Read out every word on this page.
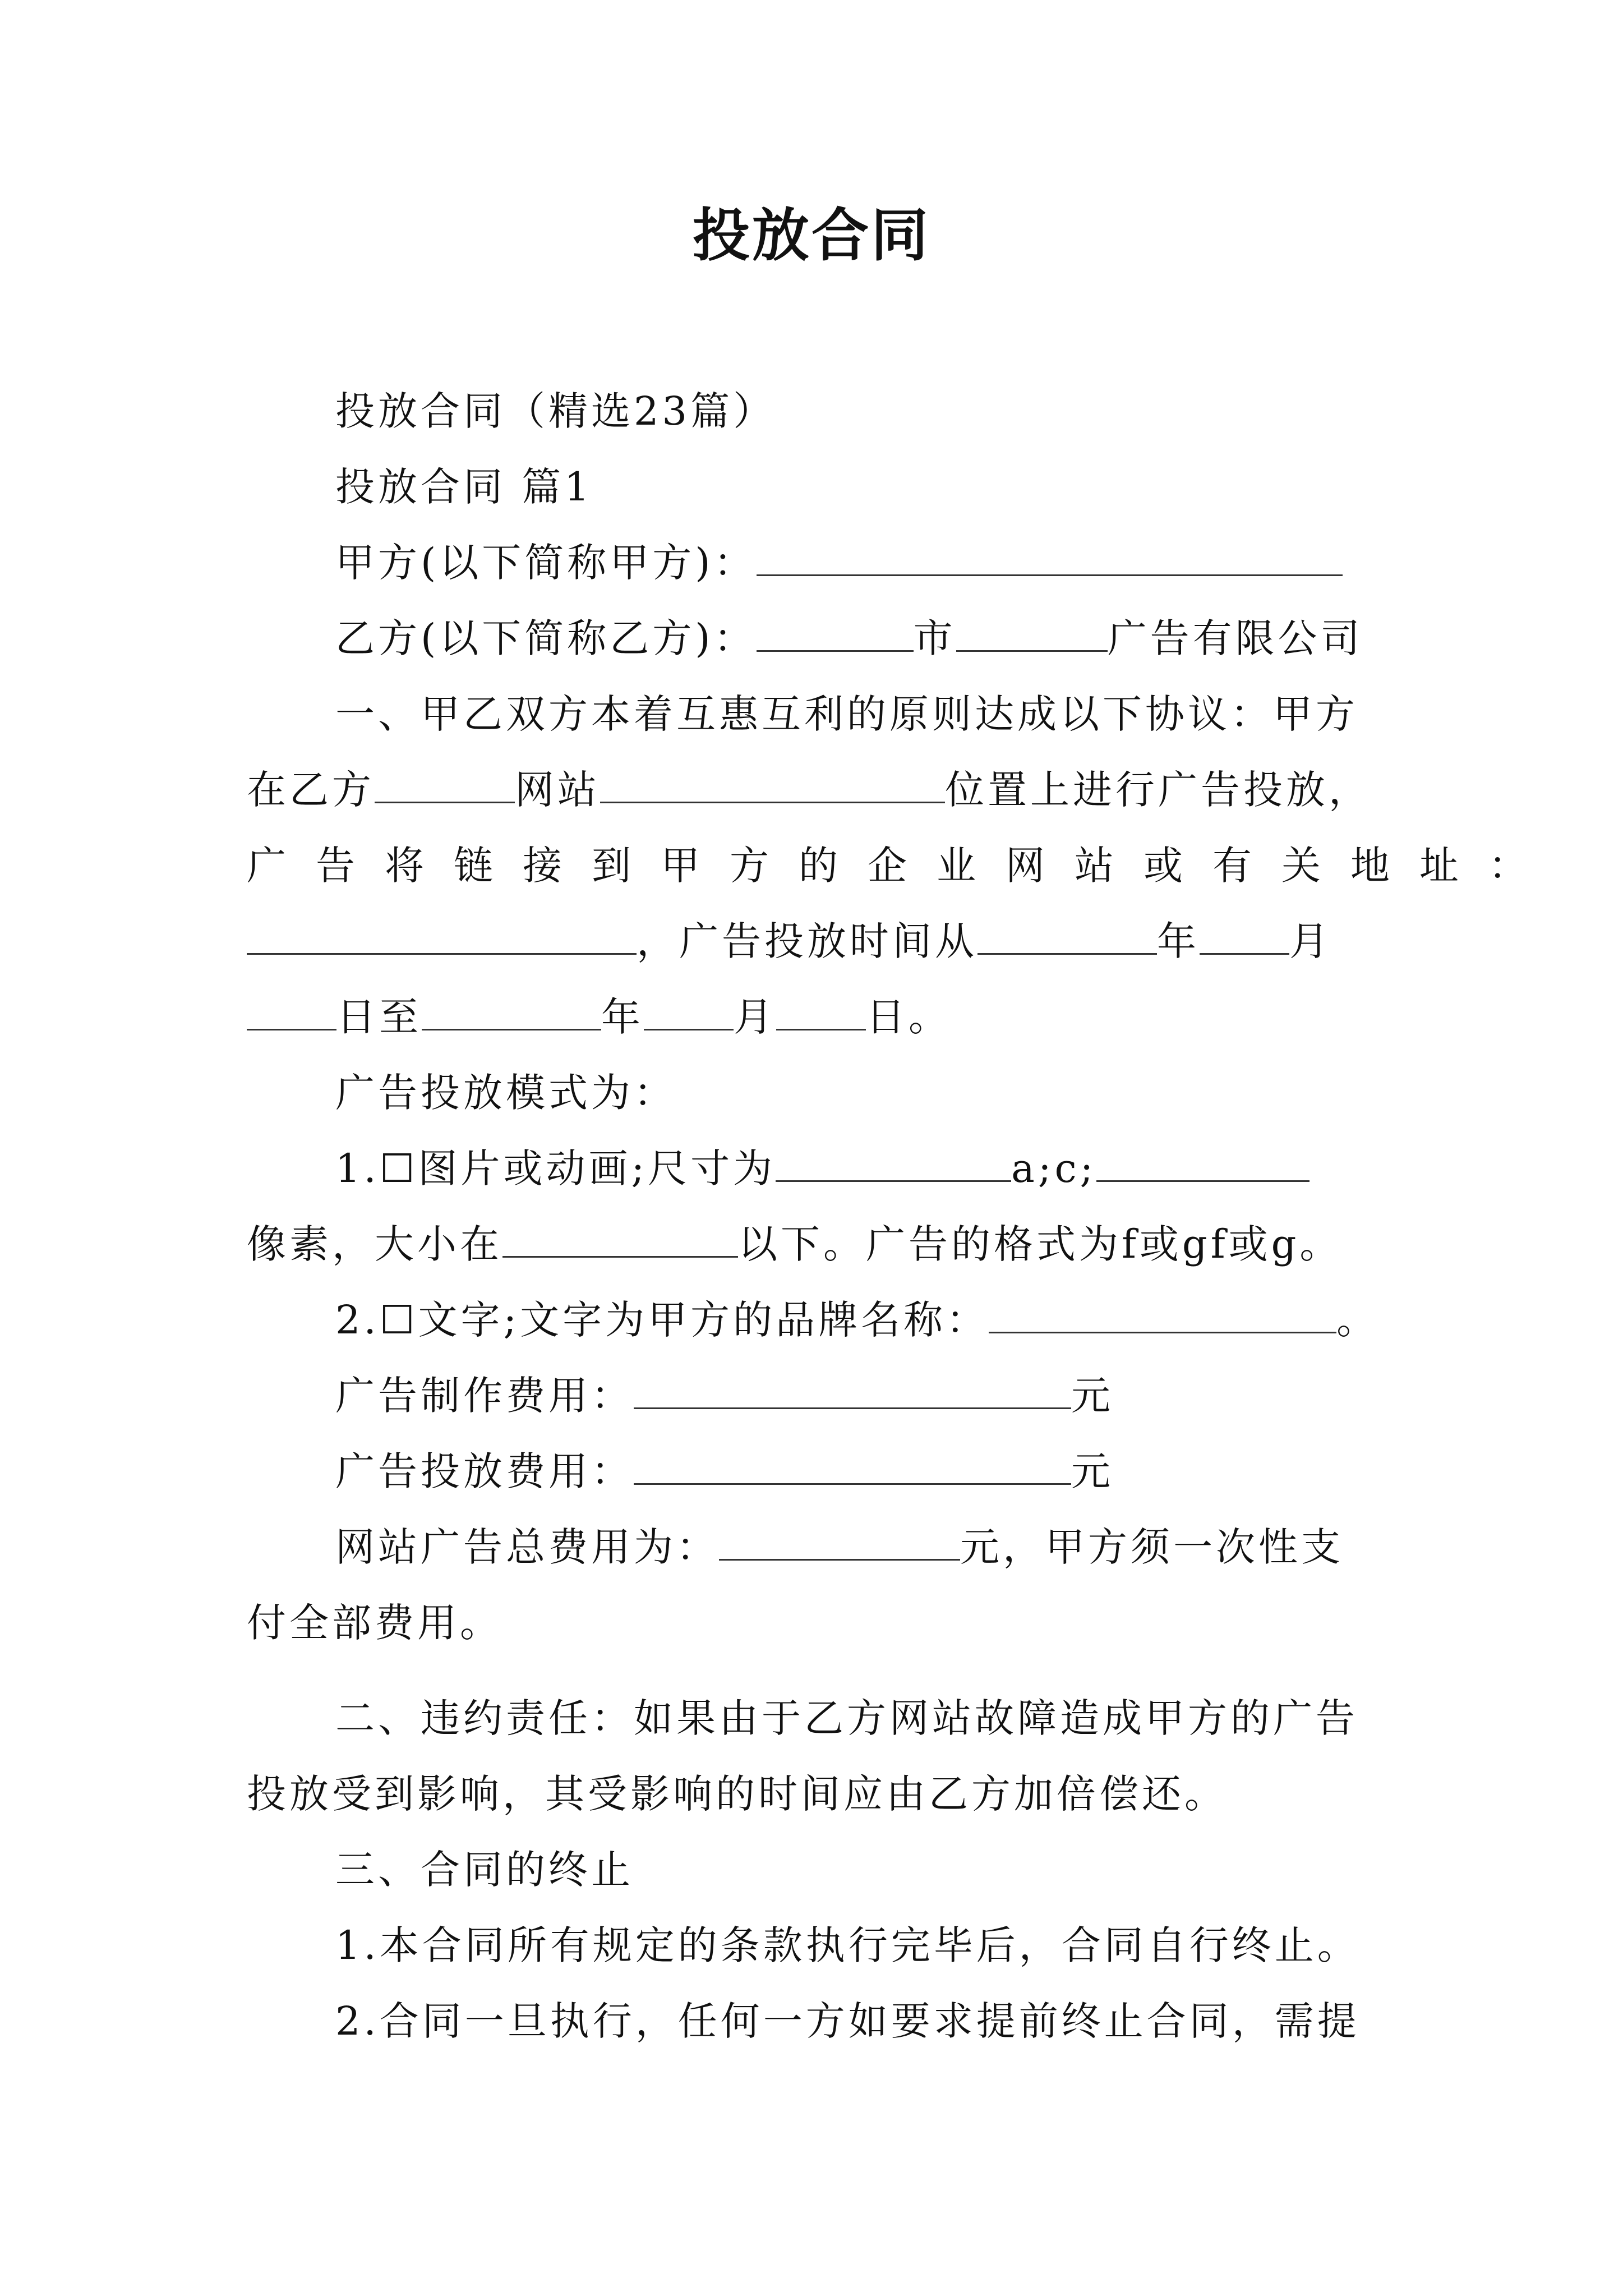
投放合同
投放合同（精选23篇）
投放合同 篇1
甲方(以下简称甲方)：
乙方(以下简称乙方)：	市	广告有限公司
一、甲乙双方本着互惠互利的原则达成以下协议：甲方
在乙方	网站	位置上进行广告投放，
广告将链接到甲方的企业网站或有关地址：
，广告投放时间从	年 月
日至	年 月 日。
广告投放模式为：
1.☐图片或动画;尺寸为	a;c;
像素，大小在	以下。广告的格式为f或gf或g。
2.☐文字;文字为甲方的品牌名称：	。
广告制作费用：	元
广告投放费用：	元
网站广告总费用为：	元，甲方须一次性支
付全部费用。
二、违约责任：如果由于乙方网站故障造成甲方的广告
投放受到影响，其受影响的时间应由乙方加倍偿还。
三、合同的终止
1.本合同所有规定的条款执行完毕后，合同自行终止。
2.合同一旦执行，任何一方如要求提前终止合同，需提
